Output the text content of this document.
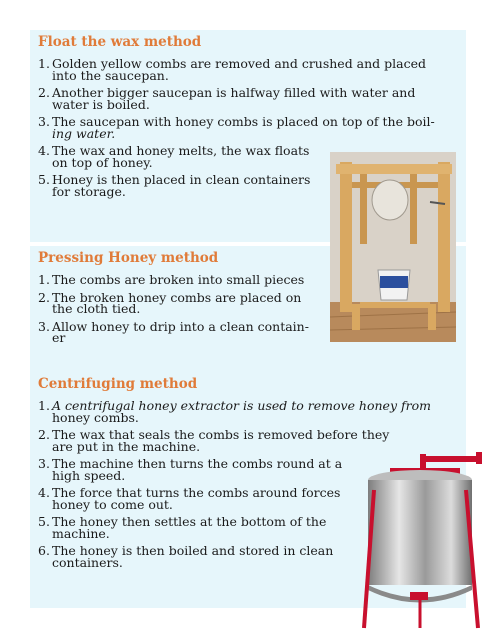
Float the wax method
1. Golden yellow combs are removed and crushed and placed
into the saucepan.
2. Another bigger saucepan is halfway filled with water and
water is boiled.
3. The saucepan with honey combs is placed on top of the boil-
ing water.
4. The wax and honey melts, the wax floats
on top of honey.
5. Honey is then placed in clean containers
for storage.
Pressing Honey method
1. The combs are broken into small pieces
2. The broken honey combs are placed on
the cloth tied.
3. Allow honey to drip into a clean contain-
er
Centrifuging method
1. A centrifugal honey extractor is used to remove honey from
honey combs.
2. The wax that seals the combs is removed before they
are put in the machine.
3. The machine then turns the combs round at a
high speed.
4. The force that turns the combs around forces
honey to come out.
5. The honey then settles at the bottom of the
machine.
6. The honey is then boiled and stored in clean
containers.
